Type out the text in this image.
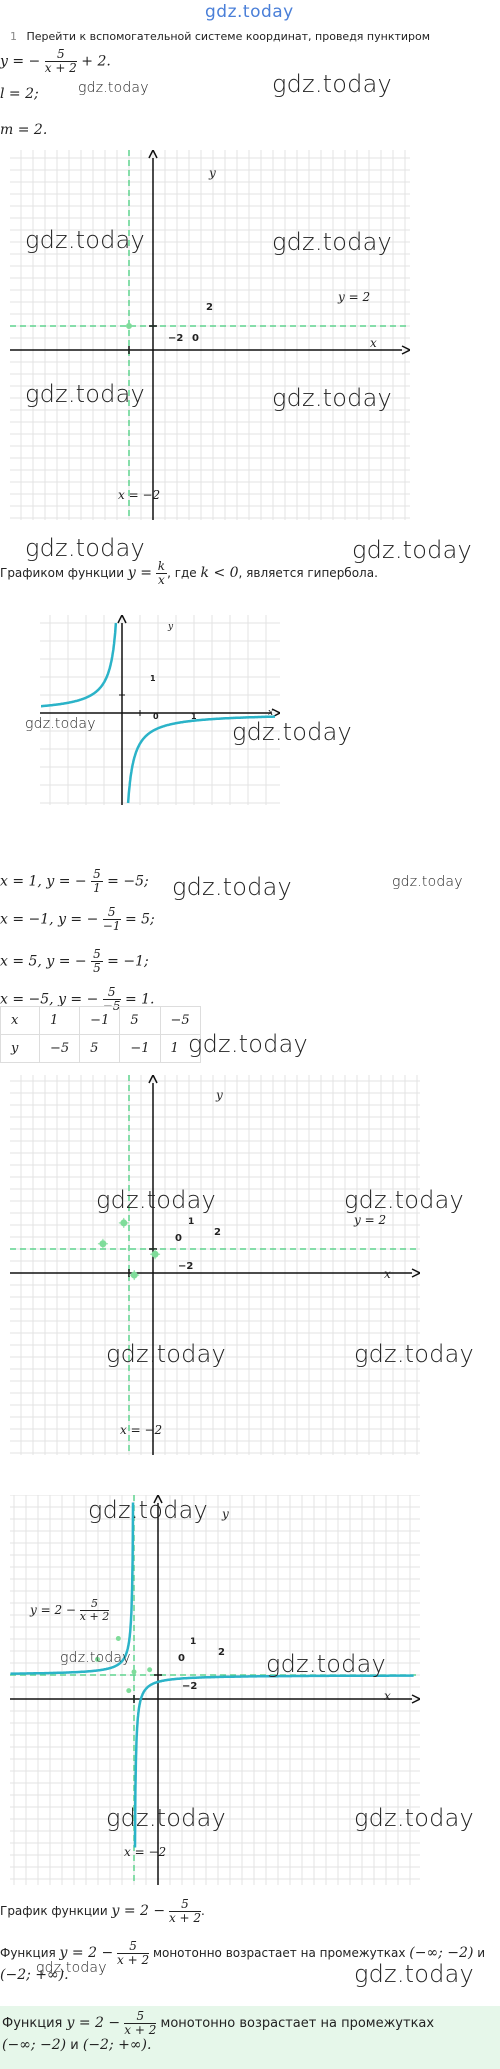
gdz.today
1 Перейти к вспомогательной системе координат, проведя пунктиром
y = − $\frac{5}{x + 2} + 2$.
l = 2;
m = 2.
y
x
0
−2
2
y = 2
x = −2
Графиком функции $y = \frac{k}{x}$ , где k < 0, является гипербола.
y
x
0	1
1
x = 1, y = − $\frac{5}{1} = -5$;
x = −1, y = − $\frac{5}{-1} = 5$;
x = 5, y = − $\frac{5}{5} = -1$;
x = −5, y = − $\frac{5}{-5} = 1$.
x	1	−1	5	−5
y	−5	5	−1	1
y
x
0
−2
2
1	y = 2
x = −2
y
x
0
−2
2
1
$y = 2 - \frac{5}{x + 2}$
x = −2
График функции $y = 2 - \frac{5}{x + 2}$ .
Функция $y = 2 - \frac{5}{x + 2}$ монотонно возрастает на промежутках (−∞; −2) и (−2; +∞).
Функция $y = 2 - \frac{5}{x + 2}$ монотонно возрастает на промежутках
(−∞; −2) и (−2; +∞).
gdz.today	gdz.today
gdz.today	gdz.today
gdz.today	gdz.today
gdz.today	gdz.today
gdz.today	gdz.today
gdz.today	gdz.today
gdz.today
gdz.today	gdz.today
gdz.today	gdz.today
gdz.today
gdz.today	gdz.today
gdz.today	gdz.today
gdz.today	gdz.today
